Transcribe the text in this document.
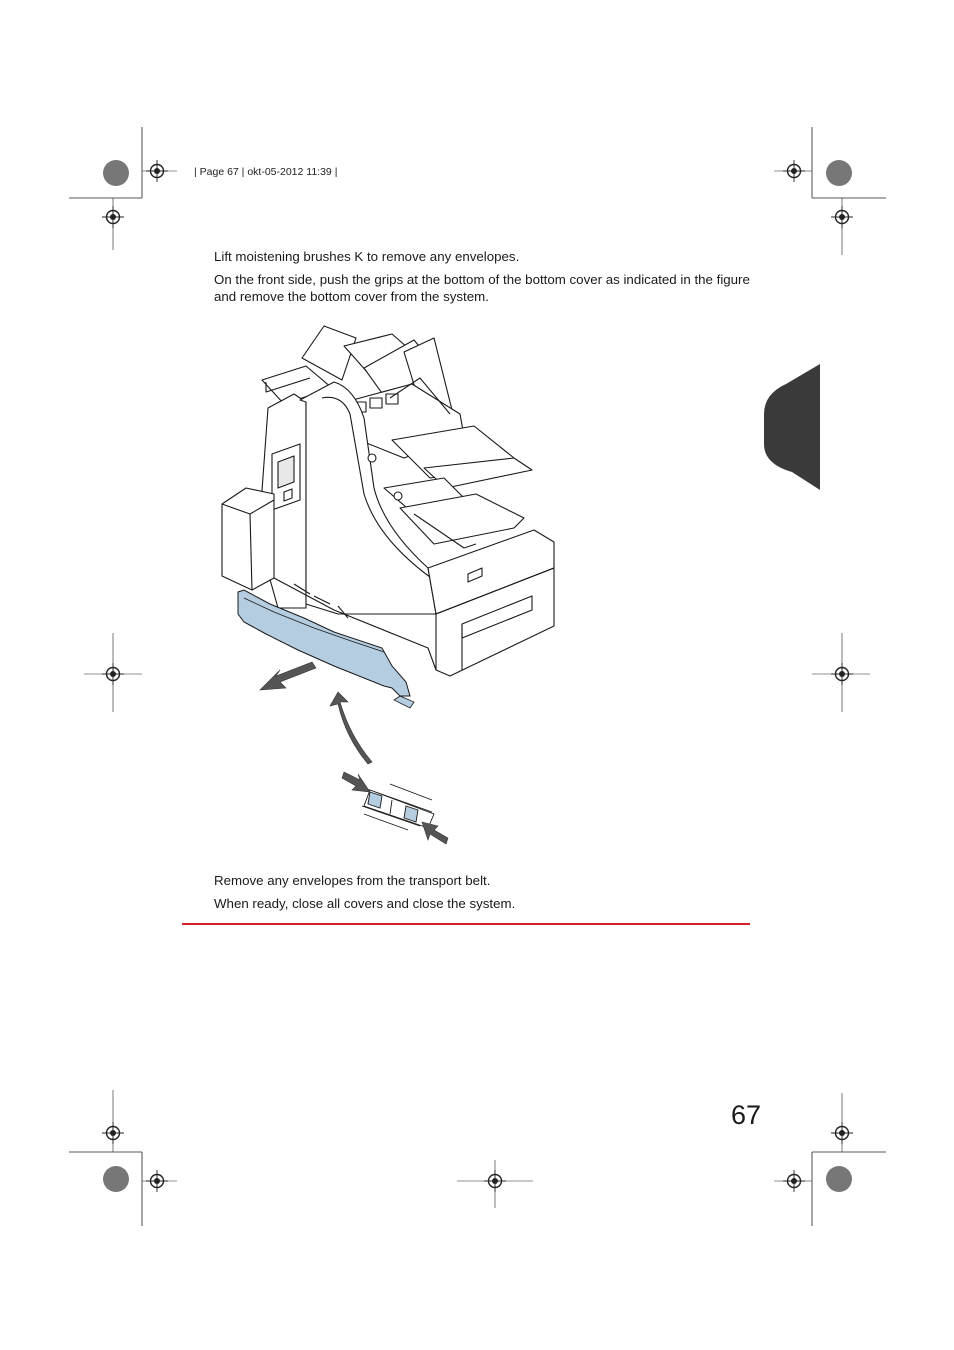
| Page 67 | okt-05-2012 11:39 |
Lift moistening brushes K to remove any envelopes.
On the front side, push the grips at the bottom of the bottom cover as indicated in the figure and remove the bottom cover from the system.
Remove any envelopes from the transport belt.
When ready, close all covers and close the system.
67
